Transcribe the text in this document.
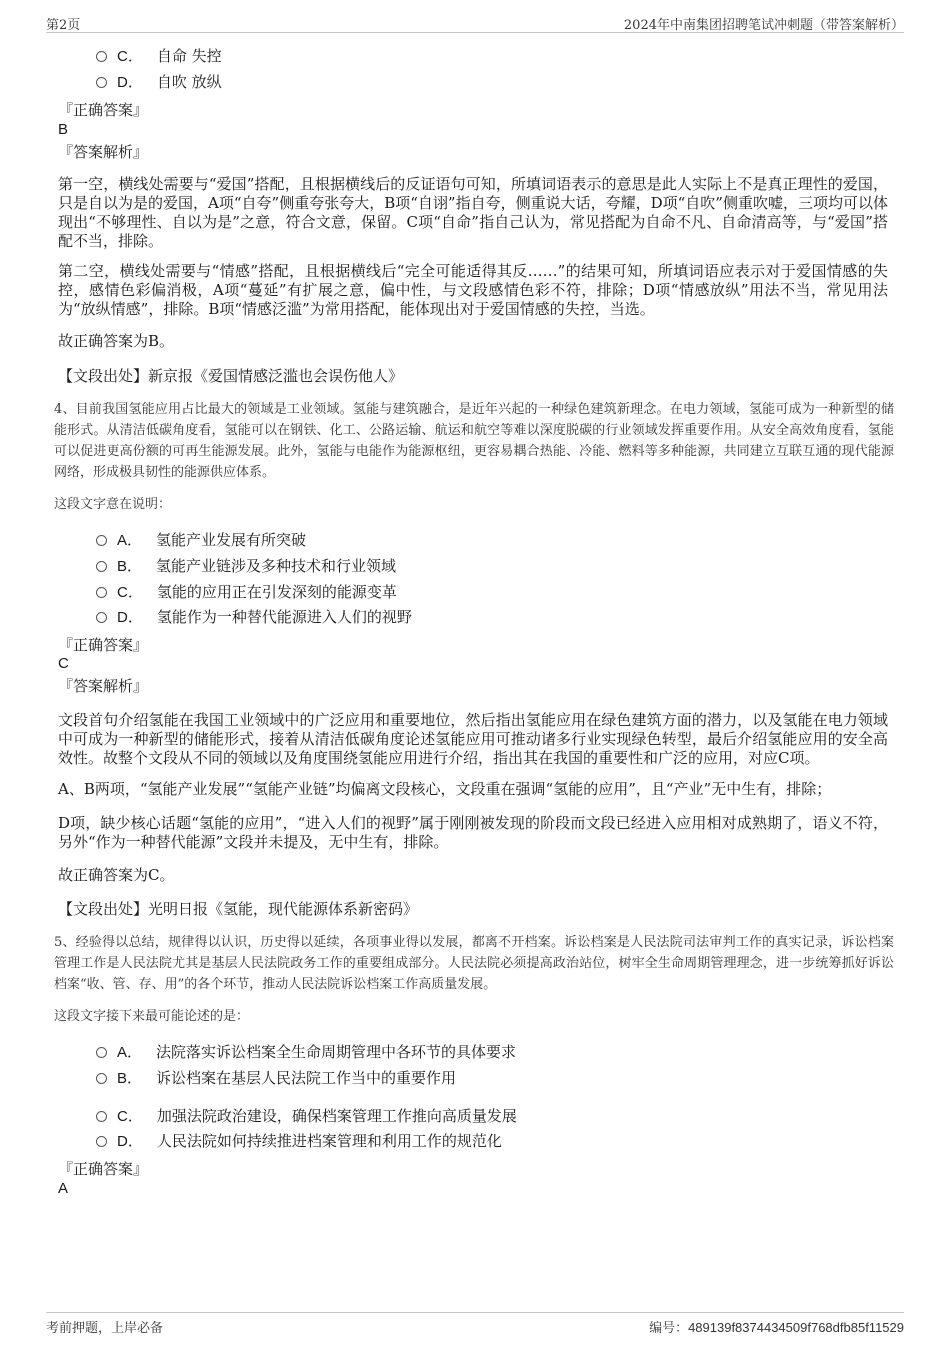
第2页	2024年中南集团招聘笔试冲刺题（带答案解析）
C． 自命 失控
D． 自吹 放纵
『正确答案』
B
『答案解析』
第一空，横线处需要与“爱国”搭配，且根据横线后的反证语句可知，所填词语表示的意思是此人实际上不是真正理性的爱国，只是自以为是的爱国，A项“自夸”侧重夸张夸大，B项“自诩”指自夸，侧重说大话，夸耀，D项“自吹”侧重吹嘘，三项均可以体现出“不够理性、自以为是”之意，符合文意，保留。C项“自命”指自己认为，常见搭配为自命不凡、自命清高等，与“爱国”搭配不当，排除。
第二空，横线处需要与“情感”搭配，且根据横线后“完全可能适得其反……”的结果可知，所填词语应表示对于爱国情感的失控，感情色彩偏消极，A项“蔓延”有扩展之意，偏中性，与文段感情色彩不符，排除；D项“情感放纵”用法不当，常见用法为“放纵情感”，排除。B项“情感泛滥”为常用搭配，能体现出对于爱国情感的失控，当选。
故正确答案为B。
【文段出处】新京报《爱国情感泛滥也会误伤他人》
4、目前我国氢能应用占比最大的领域是工业领域。氢能与建筑融合，是近年兴起的一种绿色建筑新理念。在电力领域，氢能可成为一种新型的储能形式。从清洁低碳角度看，氢能可以在钢铁、化工、公路运输、航运和航空等难以深度脱碳的行业领域发挥重要作用。从安全高效角度看，氢能可以促进更高份额的可再生能源发展。此外，氢能与电能作为能源枢纽，更容易耦合热能、冷能、燃料等多种能源，共同建立互联互通的现代能源网络，形成极具韧性的能源供应体系。
这段文字意在说明：
A． 氢能产业发展有所突破
B． 氢能产业链涉及多种技术和行业领域
C． 氢能的应用正在引发深刻的能源变革
D． 氢能作为一种替代能源进入人们的视野
『正确答案』
C
『答案解析』
文段首句介绍氢能在我国工业领域中的广泛应用和重要地位，然后指出氢能应用在绿色建筑方面的潜力，以及氢能在电力领域中可成为一种新型的储能形式，接着从清洁低碳角度论述氢能应用可推动诸多行业实现绿色转型，最后介绍氢能应用的安全高效性。故整个文段从不同的领域以及角度围绕氢能应用进行介绍，指出其在我国的重要性和广泛的应用，对应C项。
A、B两项，“氢能产业发展”“氢能产业链”均偏离文段核心，文段重在强调“氢能的应用”，且“产业”无中生有，排除；
D项，缺少核心话题“氢能的应用”，“进入人们的视野”属于刚刚被发现的阶段而文段已经进入应用相对成熟期了，语义不符，另外“作为一种替代能源”文段并未提及，无中生有，排除。
故正确答案为C。
【文段出处】光明日报《氢能，现代能源体系新密码》
5、经验得以总结，规律得以认识，历史得以延续，各项事业得以发展，都离不开档案。诉讼档案是人民法院司法审判工作的真实记录，诉讼档案管理工作是人民法院尤其是基层人民法院政务工作的重要组成部分。人民法院必须提高政治站位，树牢全生命周期管理理念，进一步统筹抓好诉讼档案“收、管、存、用”的各个环节，推动人民法院诉讼档案工作高质量发展。
这段文字接下来最可能论述的是：
A． 法院落实诉讼档案全生命周期管理中各环节的具体要求
B． 诉讼档案在基层人民法院工作当中的重要作用
C． 加强法院政治建设，确保档案管理工作推向高质量发展
D． 人民法院如何持续推进档案管理和利用工作的规范化
『正确答案』
A
考前押题，上岸必备	编号：489139f8374434509f768dfb85f11529
